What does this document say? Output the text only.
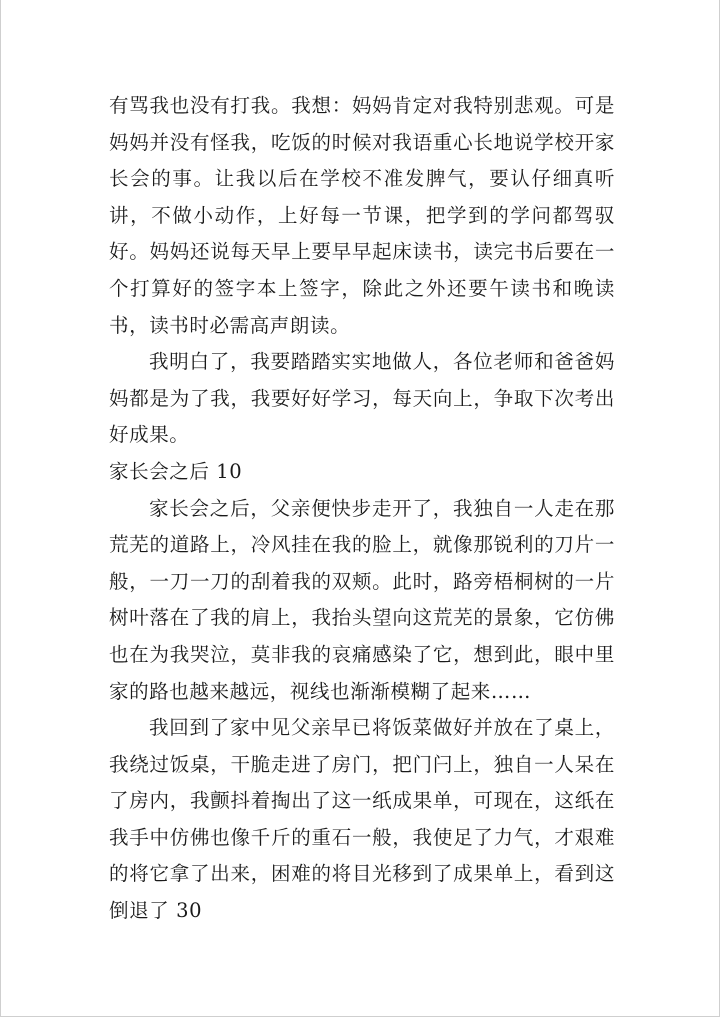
有骂我也没有打我。我想：妈妈肯定对我特别悲观。可是妈妈并没有怪我，吃饭的时候对我语重心长地说学校开家长会的事。让我以后在学校不准发脾气，要认仔细真听讲，不做小动作，上好每一节课，把学到的学问都驾驭好。妈妈还说每天早上要早早起床读书，读完书后要在一个打算好的签字本上签字，除此之外还要午读书和晚读书，读书时必需高声朗读。

我明白了，我要踏踏实实地做人，各位老师和爸爸妈妈都是为了我，我要好好学习，每天向上，争取下次考出好成果。

家长会之后 10

家长会之后，父亲便快步走开了，我独自一人走在那荒芜的道路上，冷风挂在我的脸上，就像那锐利的刀片一般，一刀一刀的刮着我的双颊。此时，路旁梧桐树的一片树叶落在了我的肩上，我抬头望向这荒芜的景象，它仿佛也在为我哭泣，莫非我的哀痛感染了它，想到此，眼中里家的路也越来越远，视线也渐渐模糊了起来……

我回到了家中见父亲早已将饭菜做好并放在了桌上，我绕过饭桌，干脆走进了房门，把门闩上，独自一人呆在了房内，我颤抖着掏出了这一纸成果单，可现在，这纸在我手中仿佛也像千斤的重石一般，我使足了力气，才艰难的将它拿了出来，困难的将目光移到了成果单上，看到这倒退了 30
